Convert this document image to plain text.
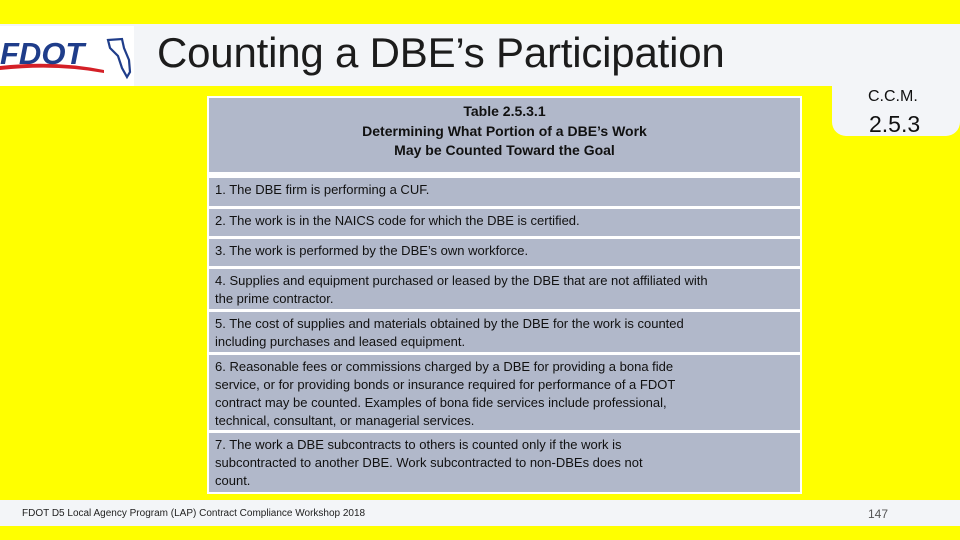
FDOT Counting a DBE’s Participation
C.C.M.
2.5.3
Table 2.5.3.1
Determining What Portion of a DBE’s Work
May be Counted Toward the Goal
1. The DBE firm is performing a CUF.
2. The work is in the NAICS code for which the DBE is certified.
3. The work is performed by the DBE’s own workforce.
4. Supplies and equipment purchased or leased by the DBE that are not affiliated with the prime contractor.
5. The cost of supplies and materials obtained by the DBE for the work is counted including purchases and leased equipment.
6. Reasonable fees or commissions charged by a DBE for providing a bona fide service, or for providing bonds or insurance required for performance of a FDOT contract may be counted. Examples of bona fide services include professional, technical, consultant, or managerial services.
7. The work a DBE subcontracts to others is counted only if the work is subcontracted to another DBE. Work subcontracted to non-DBEs does not count.
FDOT D5 Local Agency Program (LAP) Contract Compliance Workshop 2018	147
